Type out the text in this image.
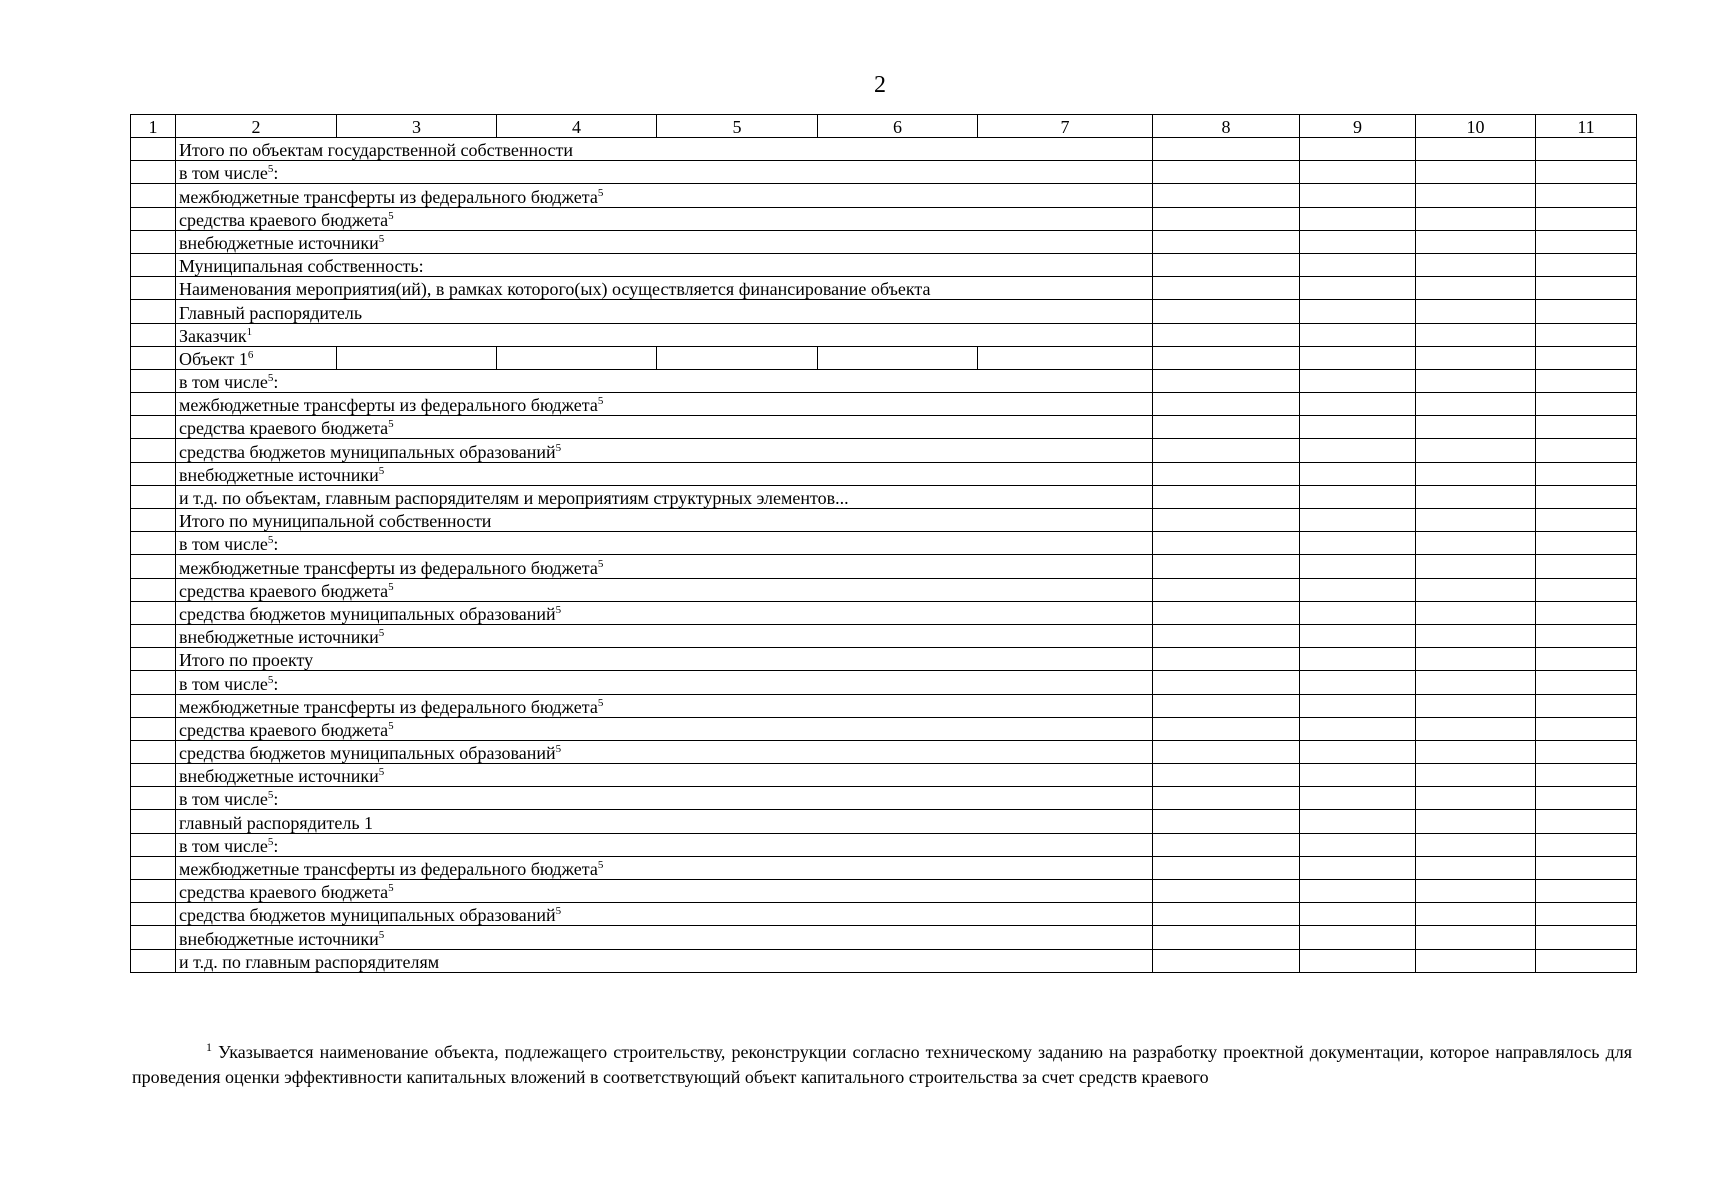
2
1	2	3	4	5	6	7	8	9	10	11
	Итого по объектам государственной собственности									
	в том числе$^5$:									
	межбюджетные трансферты из федерального бюджета$^5$				
	средства краевого бюджета$^5$				
	внебюджетные источники$^5$				
	Муниципальная собственность:									
	Наименования мероприятия(ий), в рамках которого(ых) осуществляется финансирование объекта									
	Главный распорядитель									
	Заказчик$^1$				
	Объект $1^6$									
	в том числе$^5$:									
	межбюджетные трансферты из федерального бюджета$^5$				
	средства краевого бюджета$^5$				
	средства бюджетов муниципальных образований$^5$				
	внебюджетные источники$^5$				
	и т.д. по объектам, главным распорядителям и мероприятиям структурных элементов...									
	Итого по муниципальной собственности									
	в том числе$^5$:									
	межбюджетные трансферты из федерального бюджета$^5$				
	средства краевого бюджета$^5$				
	средства бюджетов муниципальных образований$^5$				
	внебюджетные источники$^5$				
	Итого по проекту									
	в том числе$^5$:									
	межбюджетные трансферты из федерального бюджета$^5$				
	средства краевого бюджета$^5$				
	средства бюджетов муниципальных образований$^5$				
	внебюджетные источники$^5$				
	в том числе$^5$:									
	главный распорядитель 1									
	в том числе$^5$:									
	межбюджетные трансферты из федерального бюджета$^5$				
	средства краевого бюджета$^5$				
	средства бюджетов муниципальных образований$^5$				
	внебюджетные источники$^5$				
	и т.д. по главным распорядителям									
$^1$ Указывается наименование объекта, подлежащего строительству, реконструкции согласно техническому заданию на разработку проектной документации, которое направлялось для проведения оценки эффективности капитальных вложений в соответствующий объект капитального строительства за счет средств краевого
